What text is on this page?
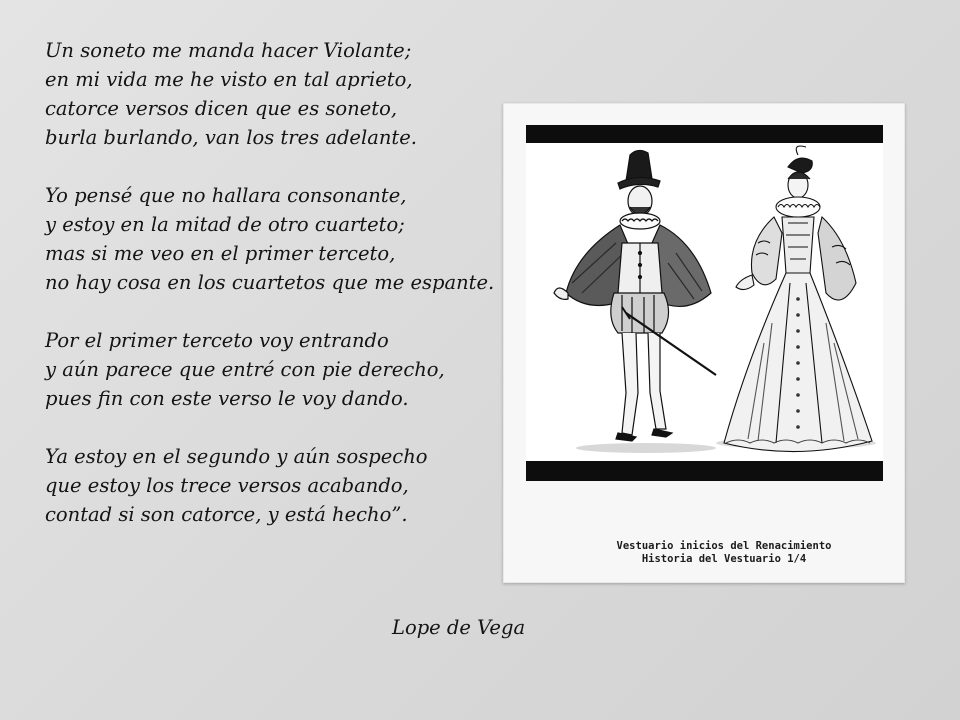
Vestuario inicios del Renacimiento
Historia del Vestuario 1/4
Un soneto me manda hacer Violante;
en mi vida me he visto en tal aprieto,
catorce versos dicen que es soneto,
burla burlando, van los tres adelante.
Yo pensé que no hallara consonante,
y estoy en la mitad de otro cuarteto;
mas si me veo en el primer terceto,
no hay cosa en los cuartetos que me espante.
Por el primer terceto voy entrando
y aún parece que entré con pie derecho,
pues fin con este verso le voy dando.
Ya estoy en el segundo y aún sospecho
que estoy los trece versos acabando,
contad si son catorce, y está hecho”.
Lope de Vega
